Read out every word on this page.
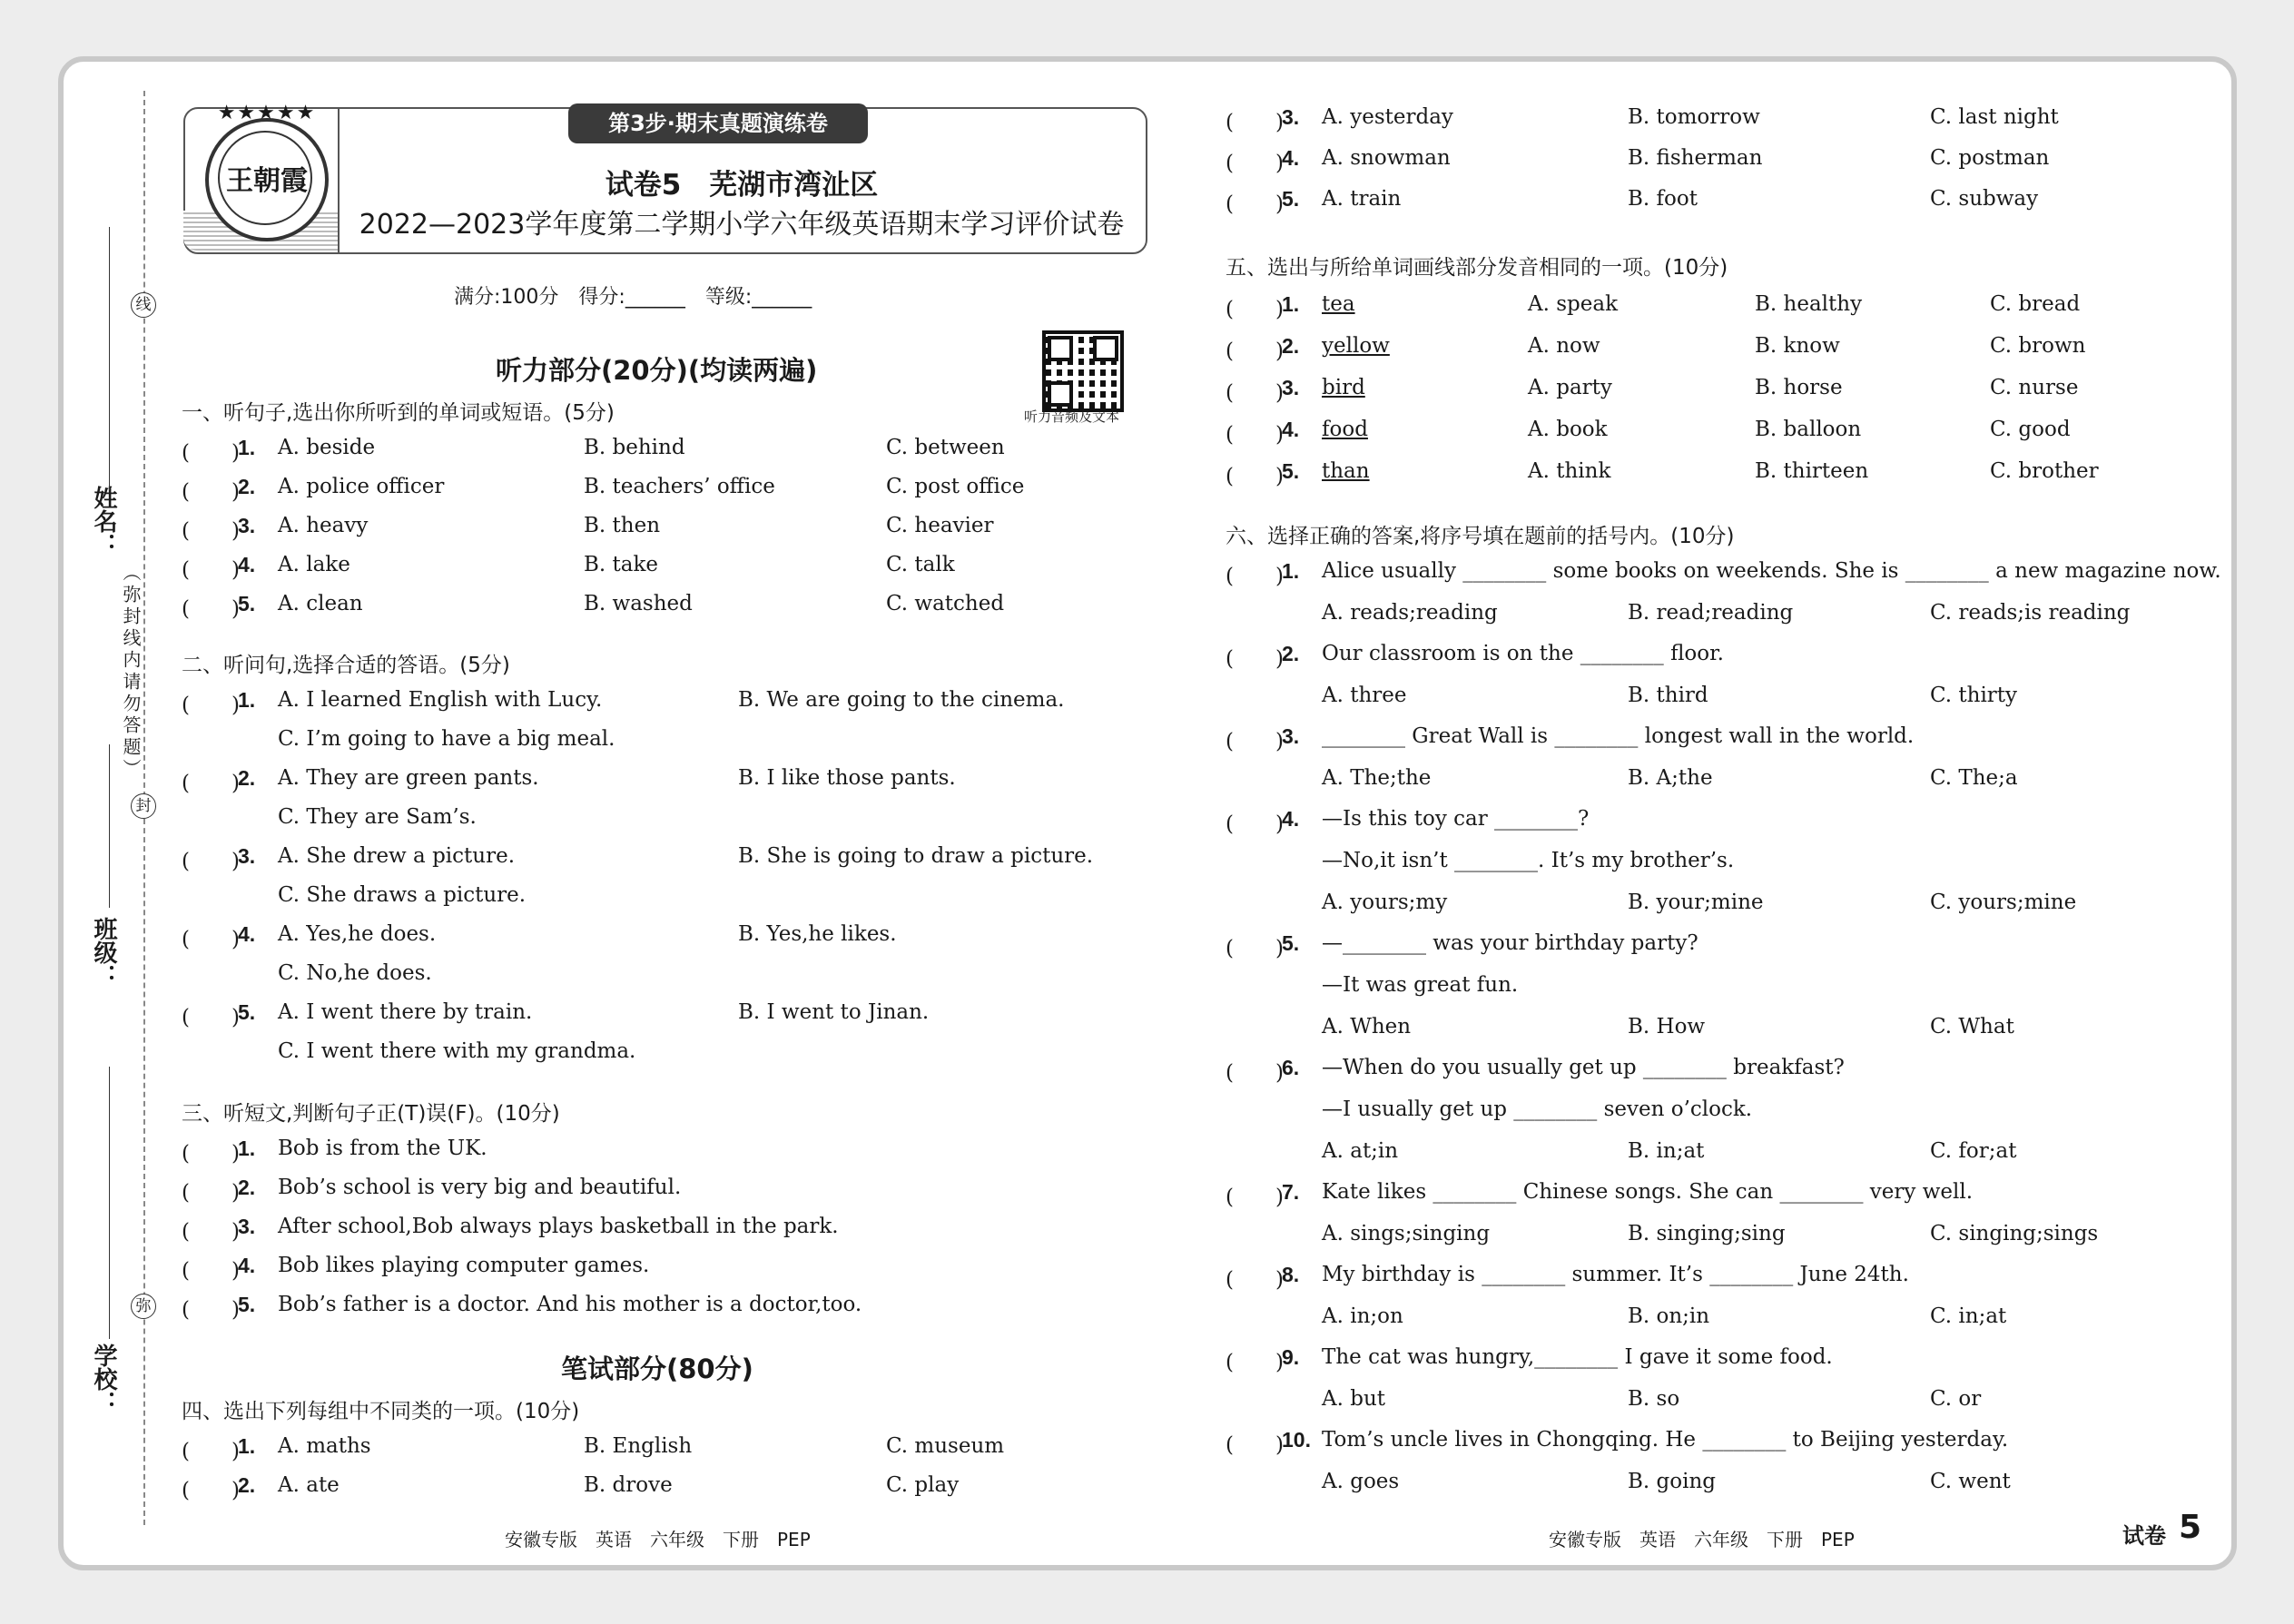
线
封
弥
（弥封线内请勿答题）
姓名：
班级：
学校：
★★★★★
王朝霞
第3步·期末真题演练卷
试卷5　芜湖市湾沚区
2022—2023学年度第二学期小学六年级英语期末学习评价试卷
满分:100分　得分:______　等级:______
听力音频及文本
听力部分(20分)(均读两遍)
一、听句子,选出你所听到的单词或短语。(5分)
(　　)
1. A. beside	B. behind	C. between
(　　)
2. A. police officer	B. teachers’ office	C. post office
(　　)
3. A. heavy	B. then	C. heavier
(　　)
4. A. lake	B. take	C. talk
(　　)
5. A. clean	B. washed	C. watched
二、听问句,选择合适的答语。(5分)
(　　)
1. A. I learned English with Lucy.	B. We are going to the cinema.
C. I’m going to have a big meal.
(　　)
2. A. They are green pants.	B. I like those pants.
C. They are Sam’s.
(　　)
3. A. She drew a picture.	B. She is going to draw a picture.
C. She draws a picture.
(　　)
4. A. Yes,he does.	B. Yes,he likes.
C. No,he does.
(　　)
5. A. I went there by train.	B. I went to Jinan.
C. I went there with my grandma.
三、听短文,判断句子正(T)误(F)。(10分)
(　　)
1. Bob is from the UK.
(　　)
2. Bob’s school is very big and beautiful.
(　　)
3. After school,Bob always plays basketball in the park.
(　　)
4. Bob likes playing computer games.
(　　)
5. Bob’s father is a doctor. And his mother is a doctor,too.
笔试部分(80分)
四、选出下列每组中不同类的一项。(10分)
(　　)
1. A. maths	B. English	C. museum
(　　)
2. A. ate	B. drove	C. play
(　　)
3. A. yesterday	B. tomorrow	C. last night
(　　)
4. A. snowman	B. fisherman	C. postman
(　　)
5. A. train	B. foot	C. subway
五、选出与所给单词画线部分发音相同的一项。(10分)
(　　)
1. tea	A. speak	B. healthy	C. bread
(　　)
2. yellow	A. now	B. know	C. brown
(　　)
3. bird	A. party	B. horse	C. nurse
(　　)
4. food	A. book	B. balloon	C. good
(　　)
5. than	A. think	B. thirteen	C. brother
六、选择正确的答案,将序号填在题前的括号内。(10分)
(　　)
1. Alice usually ________ some books on weekends. She is ________ a new magazine now.
A. reads;reading	B. read;reading	C. reads;is reading
(　　)
2. Our classroom is on the ________ floor.
A. three	B. third	C. thirty
(　　)
3. ________ Great Wall is ________ longest wall in the world.
A. The;the	B. A;the	C. The;a
(　　)
4. —Is this toy car ________?
—No,it isn’t ________. It’s my brother’s.
A. yours;my	B. your;mine	C. yours;mine
(　　)
5. —________ was your birthday party?
—It was great fun.
A. When	B. How	C. What
(　　)
6. —When do you usually get up ________ breakfast?
—I usually get up ________ seven o’clock.
A. at;in	B. in;at	C. for;at
(　　)
7. Kate likes ________ Chinese songs. She can ________ very well.
A. sings;singing	B. singing;sing	C. singing;sings
(　　)
8. My birthday is ________ summer. It’s ________ June 24th.
A. in;on	B. on;in	C. in;at
(　　)
9. The cat was hungry,________ I gave it some food.
A. but	B. so	C. or
(　　)
10. Tom’s uncle lives in Chongqing. He ________ to Beijing yesterday.
A. goes	B. going	C. went
安徽专版　英语　六年级　下册　PEP	安徽专版　英语　六年级　下册　PEP	试卷 5
